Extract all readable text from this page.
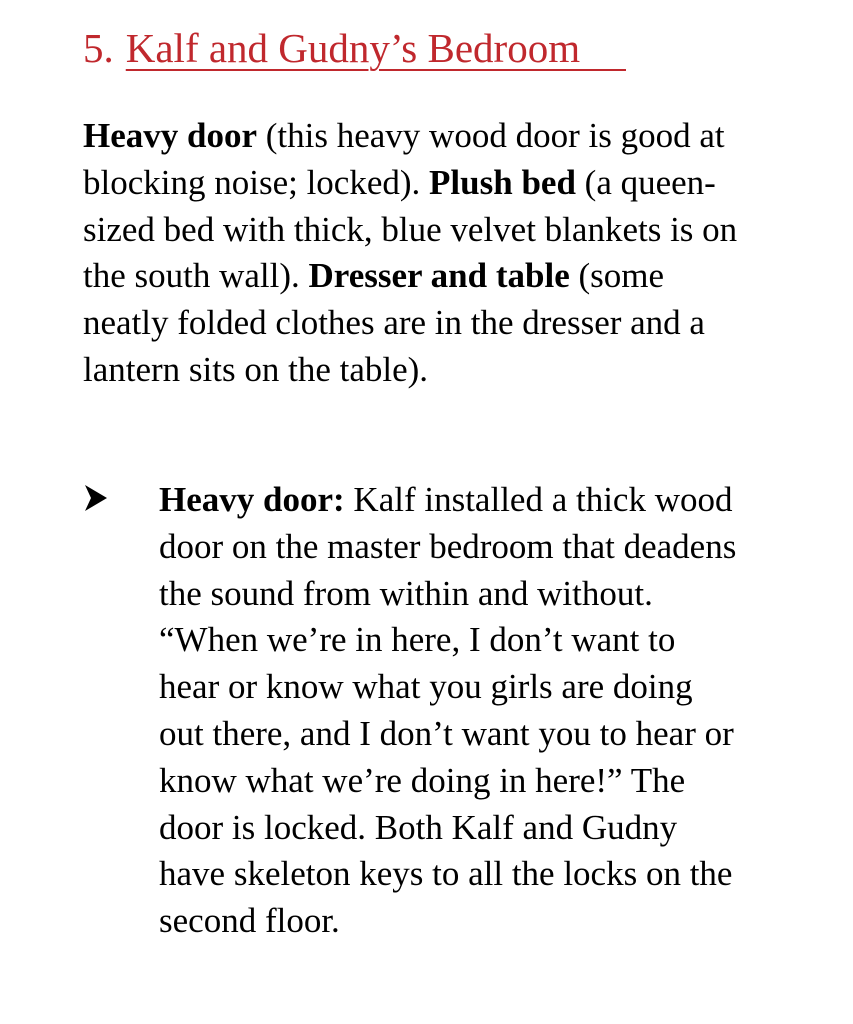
5. Kalf and Gudny’s Bedroom

Heavy door (this heavy wood door is good at blocking noise; locked). Plush bed (a queen-sized bed with thick, blue velvet blankets is on the south wall). Dresser and table (some neatly folded clothes are in the dresser and a lantern sits on the table).

Heavy door: Kalf installed a thick wood door on the master bedroom that deadens the sound from within and without. “When we’re in here, I don’t want to hear or know what you girls are doing out there, and I don’t want you to hear or know what we’re doing in here!” The door is locked. Both Kalf and Gudny have skeleton keys to all the locks on the second floor.
